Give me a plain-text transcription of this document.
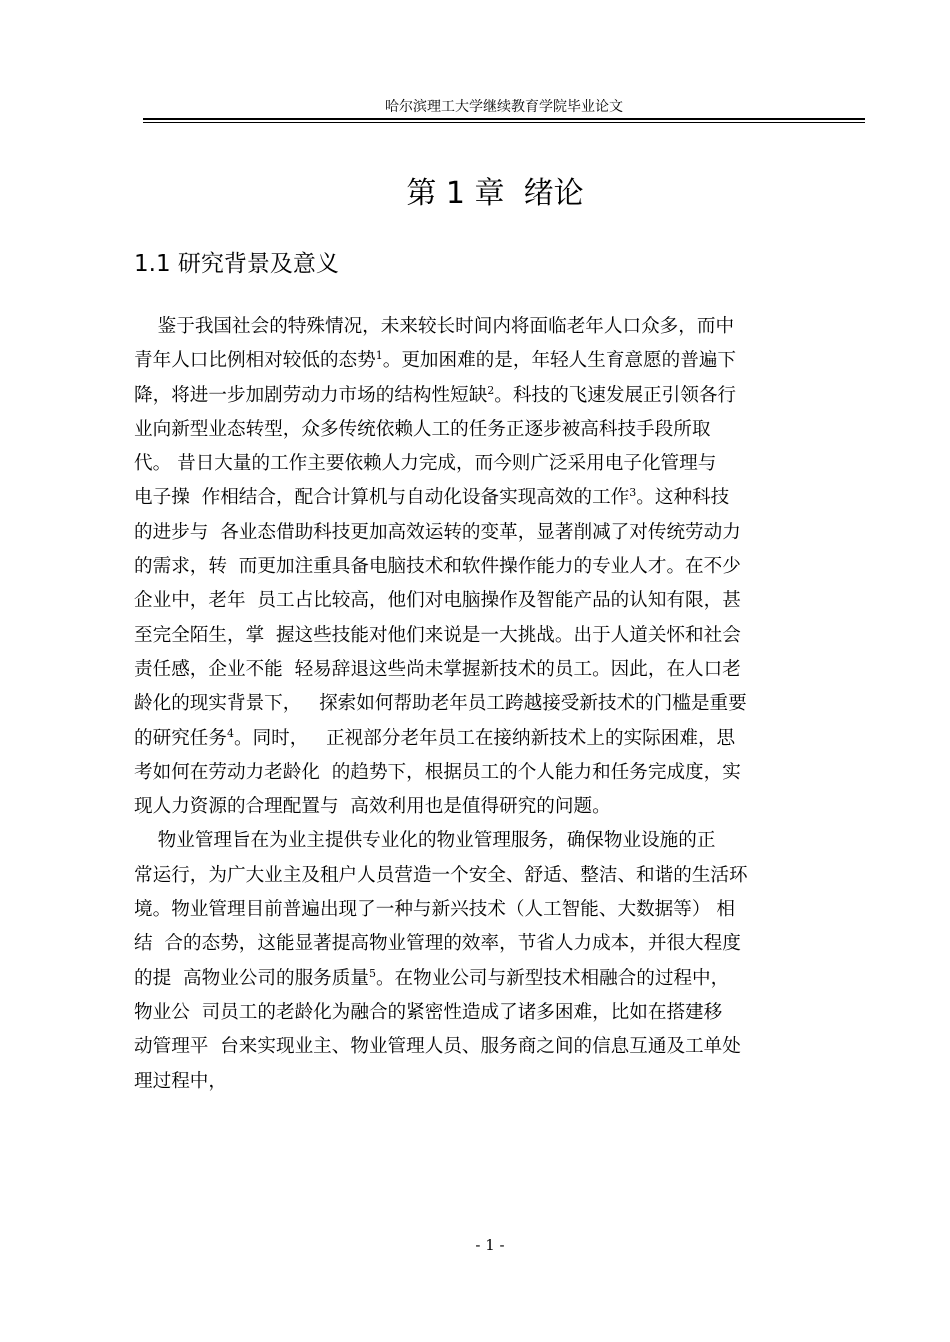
哈尔滨理工大学继续教育学院毕业论文
第 1 章  绪论
1.1 研究背景及意义
鉴于我国社会的特殊情况，未来较长时间内将面临老年人口众多，而中
青年人口比例相对较低的态势$^1$。更加困难的是，年轻人生育意愿的普遍下
降，将进一步加剧劳动力市场的结构性短缺$^2$。科技的飞速发展正引领各行
业向新型业态转型，众多传统依赖人工的任务正逐步被高科技手段所取
代。 昔日大量的工作主要依赖人力完成，而今则广泛采用电子化管理与
电子操  作相结合，配合计算机与自动化设备实现高效的工作$^3$。这种科技
的进步与  各业态借助科技更加高效运转的变革，显著削减了对传统劳动力
的需求，转  而更加注重具备电脑技术和软件操作能力的专业人才。在不少
企业中，老年  员工占比较高，他们对电脑操作及智能产品的认知有限，甚
至完全陌生，掌  握这些技能对他们来说是一大挑战。出于人道关怀和社会
责任感，企业不能  轻易辞退这些尚未掌握新技术的员工。因此，在人口老
龄化的现实背景下，   探索如何帮助老年员工跨越接受新技术的门槛是重要
的研究任务$^4$。同时，   正视部分老年员工在接纳新技术上的实际困难，思
考如何在劳动力老龄化  的趋势下，根据员工的个人能力和任务完成度，实
现人力资源的合理配置与  高效利用也是值得研究的问题。
物业管理旨在为业主提供专业化的物业管理服务，确保物业设施的正
常运行，为广大业主及租户人员营造一个安全、舒适、整洁、和谐的生活环
境。物业管理目前普遍出现了一种与新兴技术（人工智能、大数据等） 相
结  合的态势，这能显著提高物业管理的效率，节省人力成本，并很大程度
的提  高物业公司的服务质量$^5$。在物业公司与新型技术相融合的过程中，
物业公  司员工的老龄化为融合的紧密性造成了诸多困难，比如在搭建移
动管理平  台来实现业主、物业管理人员、服务商之间的信息互通及工单处
理过程中，
- 1 -
